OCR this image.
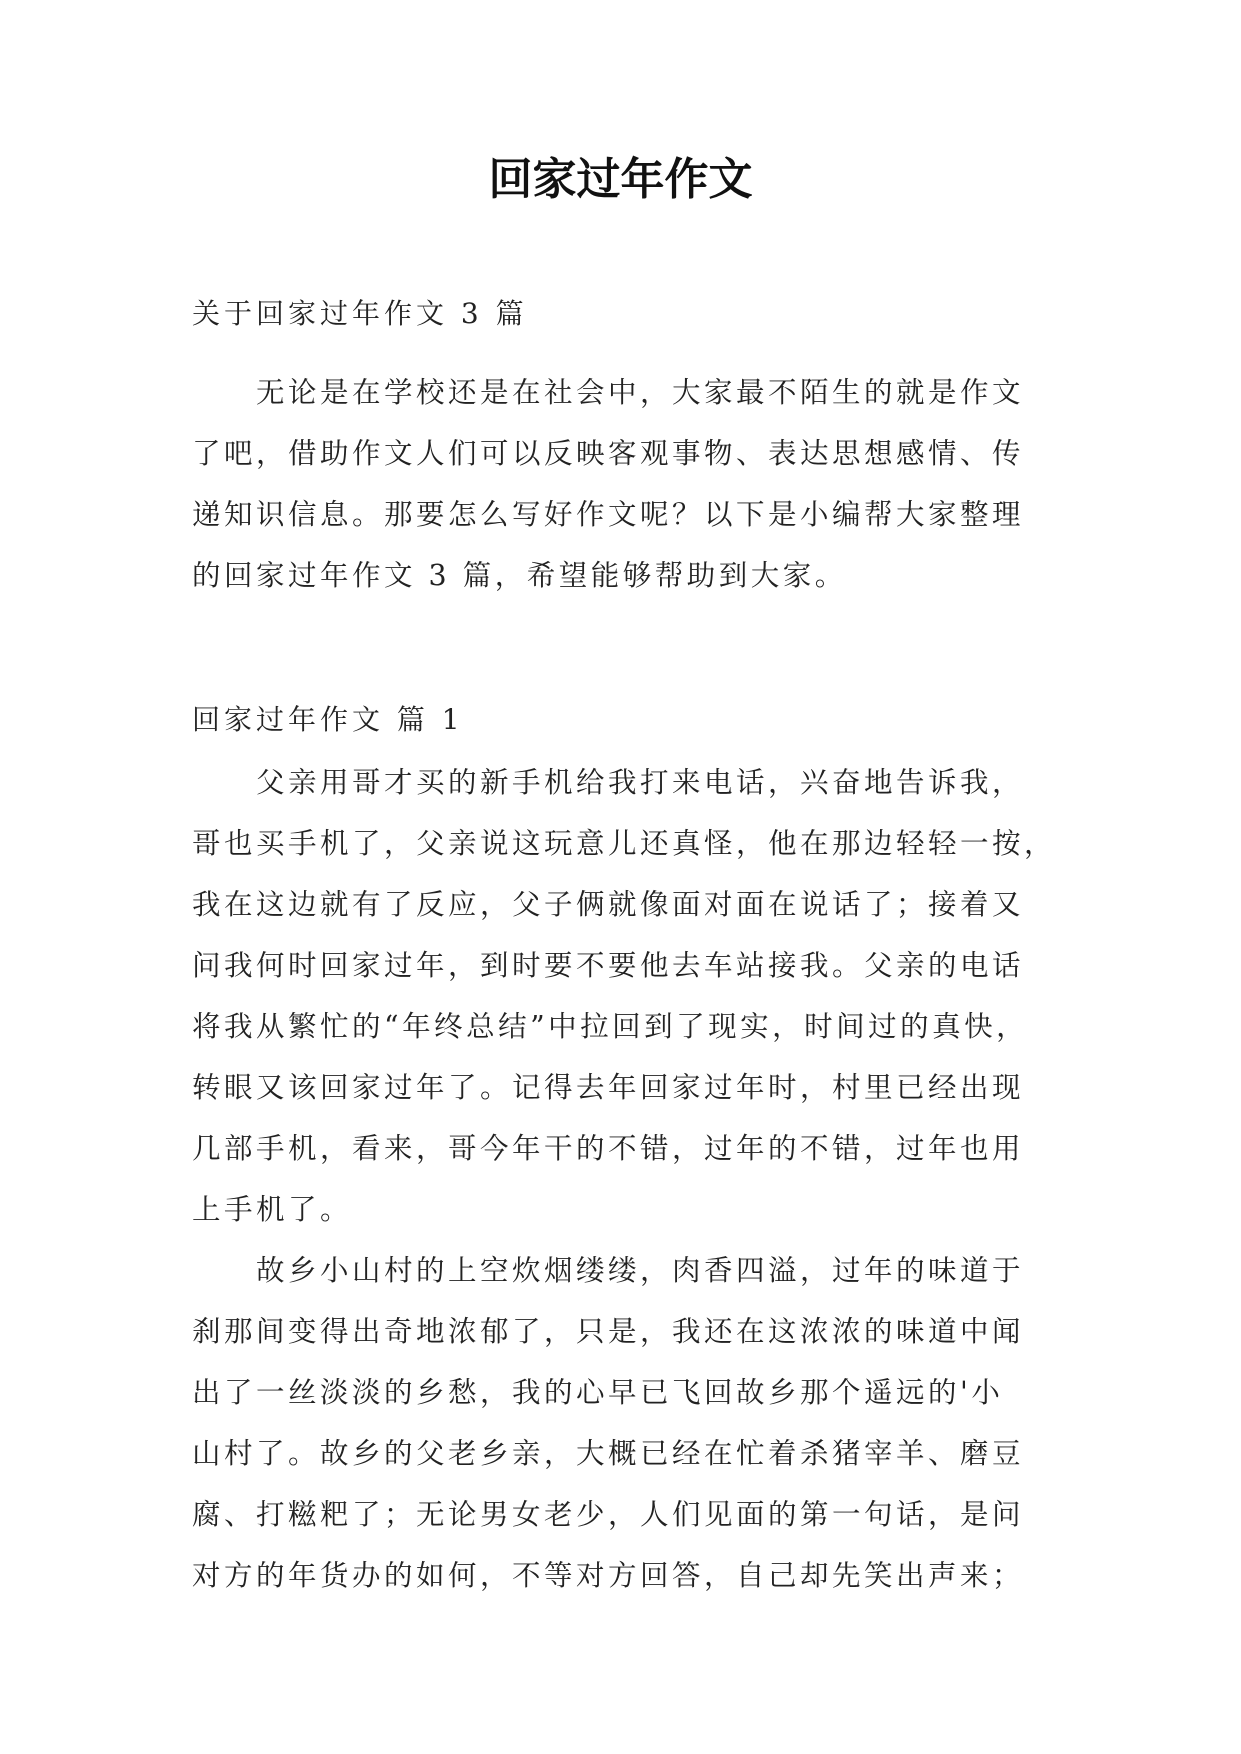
回家过年作文
关于回家过年作文 3 篇
无论是在学校还是在社会中，大家最不陌生的就是作文
了吧，借助作文人们可以反映客观事物、表达思想感情、传
递知识信息。那要怎么写好作文呢？以下是小编帮大家整理
的回家过年作文 3 篇，希望能够帮助到大家。
回家过年作文 篇 1
父亲用哥才买的新手机给我打来电话，兴奋地告诉我，
哥也买手机了，父亲说这玩意儿还真怪，他在那边轻轻一按，
我在这边就有了反应，父子俩就像面对面在说话了；接着又
问我何时回家过年，到时要不要他去车站接我。父亲的电话
将我从繁忙的“年终总结”中拉回到了现实，时间过的真快，
转眼又该回家过年了。记得去年回家过年时，村里已经出现
几部手机，看来，哥今年干的不错，过年的不错，过年也用
上手机了。
故乡小山村的上空炊烟缕缕，肉香四溢，过年的味道于
刹那间变得出奇地浓郁了，只是，我还在这浓浓的味道中闻
出了一丝淡淡的乡愁，我的心早已飞回故乡那个遥远的'小
山村了。故乡的父老乡亲，大概已经在忙着杀猪宰羊、磨豆
腐、打糍粑了；无论男女老少，人们见面的第一句话，是问
对方的年货办的如何，不等对方回答，自己却先笑出声来；
